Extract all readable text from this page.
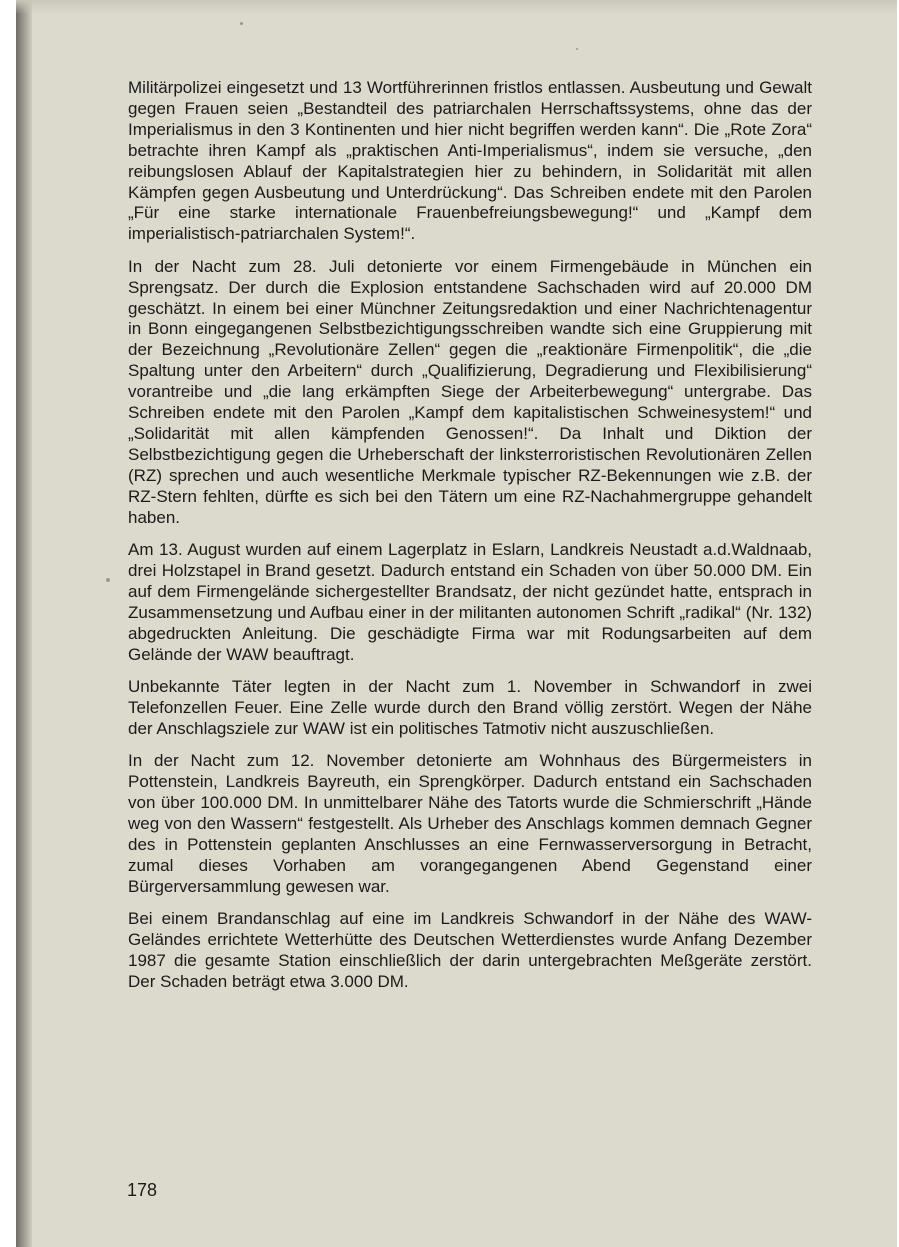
Militärpolizei eingesetzt und 13 Wortführerinnen fristlos entlassen. Ausbeutung und Gewalt gegen Frauen seien „Bestandteil des patriarchalen Herrschaftssystems, ohne das der Imperialismus in den 3 Kontinenten und hier nicht begriffen werden kann“. Die „Rote Zora“ betrachte ihren Kampf als „praktischen Anti-Imperialismus“, indem sie versuche, „den reibungslosen Ablauf der Kapitalstrategien hier zu behindern, in Solidarität mit allen Kämpfen gegen Ausbeutung und Unterdrückung“. Das Schreiben endete mit den Parolen „Für eine starke internationale Frauenbefreiungsbewegung!“ und „Kampf dem imperialistisch-patriarchalen System!“.

In der Nacht zum 28. Juli detonierte vor einem Firmengebäude in München ein Sprengsatz. Der durch die Explosion entstandene Sachschaden wird auf 20.000 DM geschätzt. In einem bei einer Münchner Zeitungsredaktion und einer Nachrichtenagentur in Bonn eingegangenen Selbstbezichtigungsschreiben wandte sich eine Gruppierung mit der Bezeichnung „Revolutionäre Zellen“ gegen die „reaktionäre Firmenpolitik“, die „die Spaltung unter den Arbeitern“ durch „Qualifizierung, Degradierung und Flexibilisierung“ vorantreibe und „die lang erkämpften Siege der Arbeiterbewegung“ untergrabe. Das Schreiben endete mit den Parolen „Kampf dem kapitalistischen Schweinesystem!“ und „Solidarität mit allen kämpfenden Genossen!“. Da Inhalt und Diktion der Selbstbezichtigung gegen die Urheberschaft der linksterroristischen Revolutionären Zellen (RZ) sprechen und auch wesentliche Merkmale typischer RZ-Bekennungen wie z.B. der RZ-Stern fehlten, dürfte es sich bei den Tätern um eine RZ-Nachahmergruppe gehandelt haben.

Am 13. August wurden auf einem Lagerplatz in Eslarn, Landkreis Neustadt a.d.Waldnaab, drei Holzstapel in Brand gesetzt. Dadurch entstand ein Schaden von über 50.000 DM. Ein auf dem Firmengelände sichergestellter Brandsatz, der nicht gezündet hatte, entsprach in Zusammensetzung und Aufbau einer in der militanten autonomen Schrift „radikal“ (Nr. 132) abgedruckten Anleitung. Die geschädigte Firma war mit Rodungsarbeiten auf dem Gelände der WAW beauftragt.

Unbekannte Täter legten in der Nacht zum 1. November in Schwandorf in zwei Telefonzellen Feuer. Eine Zelle wurde durch den Brand völlig zerstört. Wegen der Nähe der Anschlagsziele zur WAW ist ein politisches Tatmotiv nicht auszuschließen.

In der Nacht zum 12. November detonierte am Wohnhaus des Bürgermeisters in Pottenstein, Landkreis Bayreuth, ein Sprengkörper. Dadurch entstand ein Sachschaden von über 100.000 DM. In unmittelbarer Nähe des Tatorts wurde die Schmierschrift „Hände weg von den Wassern“ festgestellt. Als Urheber des Anschlags kommen demnach Gegner des in Pottenstein geplanten Anschlusses an eine Fernwasserversorgung in Betracht, zumal dieses Vorhaben am vorangegangenen Abend Gegenstand einer Bürgerversammlung gewesen war.

Bei einem Brandanschlag auf eine im Landkreis Schwandorf in der Nähe des WAW-Geländes errichtete Wetterhütte des Deutschen Wetterdienstes wurde Anfang Dezember 1987 die gesamte Station einschließlich der darin untergebrachten Meßgeräte zerstört. Der Schaden beträgt etwa 3.000 DM.

178
